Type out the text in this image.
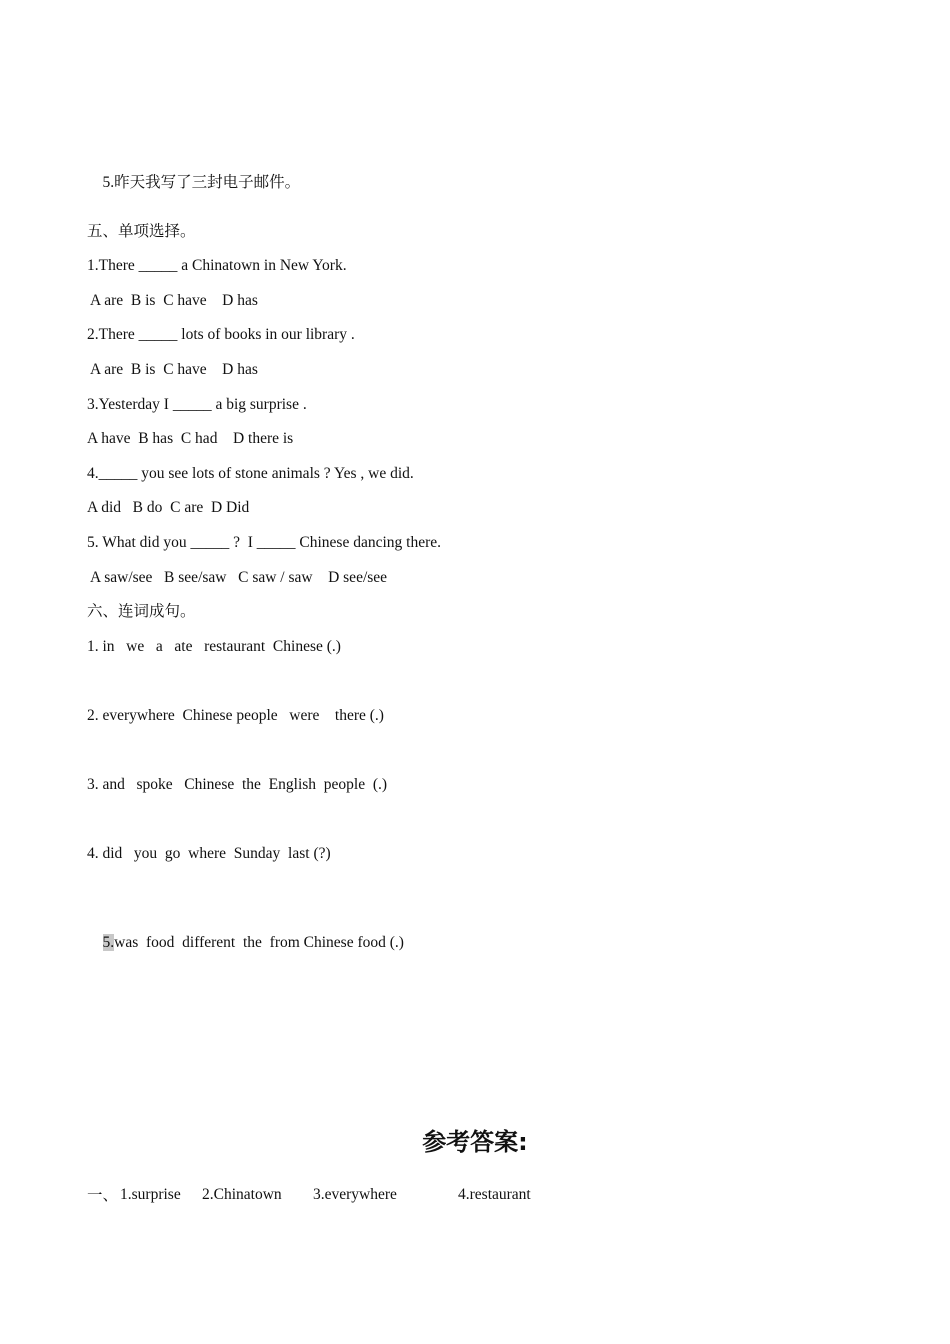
5.昨天我写了三封电子邮件。

五、单项选择。
1.There _____ a Chinatown in New York.
A are  B is  C have    D has
2.There _____ lots of books in our library .
A are  B is  C have    D has
3.Yesterday I _____ a big surprise .
A have  B has  C had    D there is
4._____ you see lots of stone animals ? Yes , we did.
A did   B do  C are  D Did
5. What did you _____ ?  I _____ Chinese dancing there.
A saw/see   B see/saw   C saw / saw    D see/see
六、连词成句。
1. in   we   a   ate   restaurant  Chinese (.)
2. everywhere  Chinese people   were    there (.)
3. and   spoke   Chinese  the  English  people  (.)
4. did   you  go  where  Sunday  last (?)

5.was  food  different  the  from Chinese food (.)

参考答案:
一、 1.surprise 2.Chinatown 3.everywhere	4.restaurant
